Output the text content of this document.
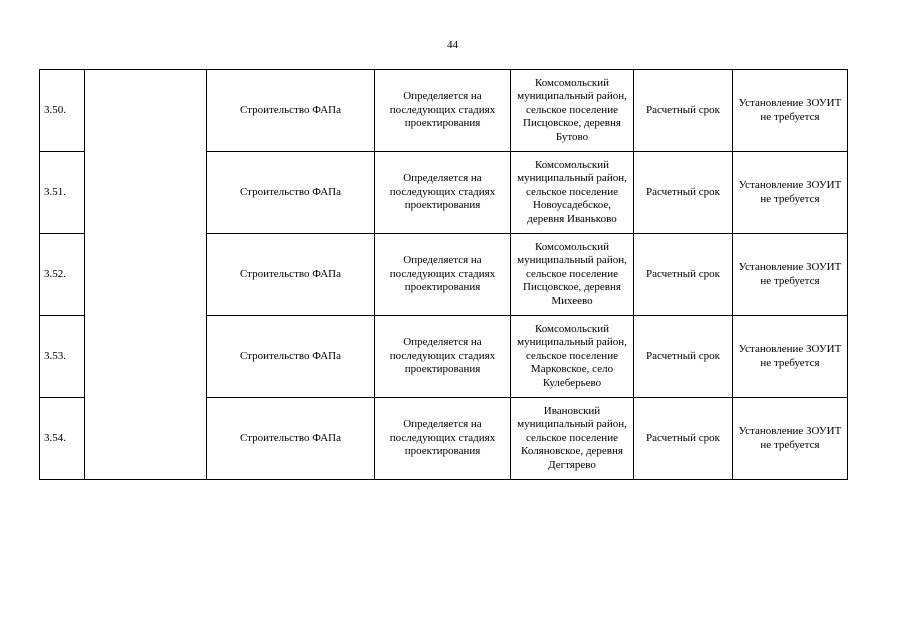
44
3.50.		Строительство ФАПа	Определяется на последующих стадиях проектирования	Комсомольский муниципальный район, сельское поселение Писцовское, деревня Бутово	Расчетный срок	Установление ЗОУИТ не требуется
3.51.		Строительство ФАПа	Определяется на последующих стадиях проектирования	Комсомольский муниципальный район, сельское поселение Новоусадебское, деревня Иваньково	Расчетный срок	Установление ЗОУИТ не требуется
3.52.		Строительство ФАПа	Определяется на последующих стадиях проектирования	Комсомольский муниципальный район, сельское поселение Писцовское, деревня Михеево	Расчетный срок	Установление ЗОУИТ не требуется
3.53.		Строительство ФАПа	Определяется на последующих стадиях проектирования	Комсомольский муниципальный район, сельское поселение Марковское, село Кулеберьево	Расчетный срок	Установление ЗОУИТ не требуется
3.54.		Строительство ФАПа	Определяется на последующих стадиях проектирования	Ивановский муниципальный район, сельское поселение Коляновское, деревня Дегтярево	Расчетный срок	Установление ЗОУИТ не требуется
